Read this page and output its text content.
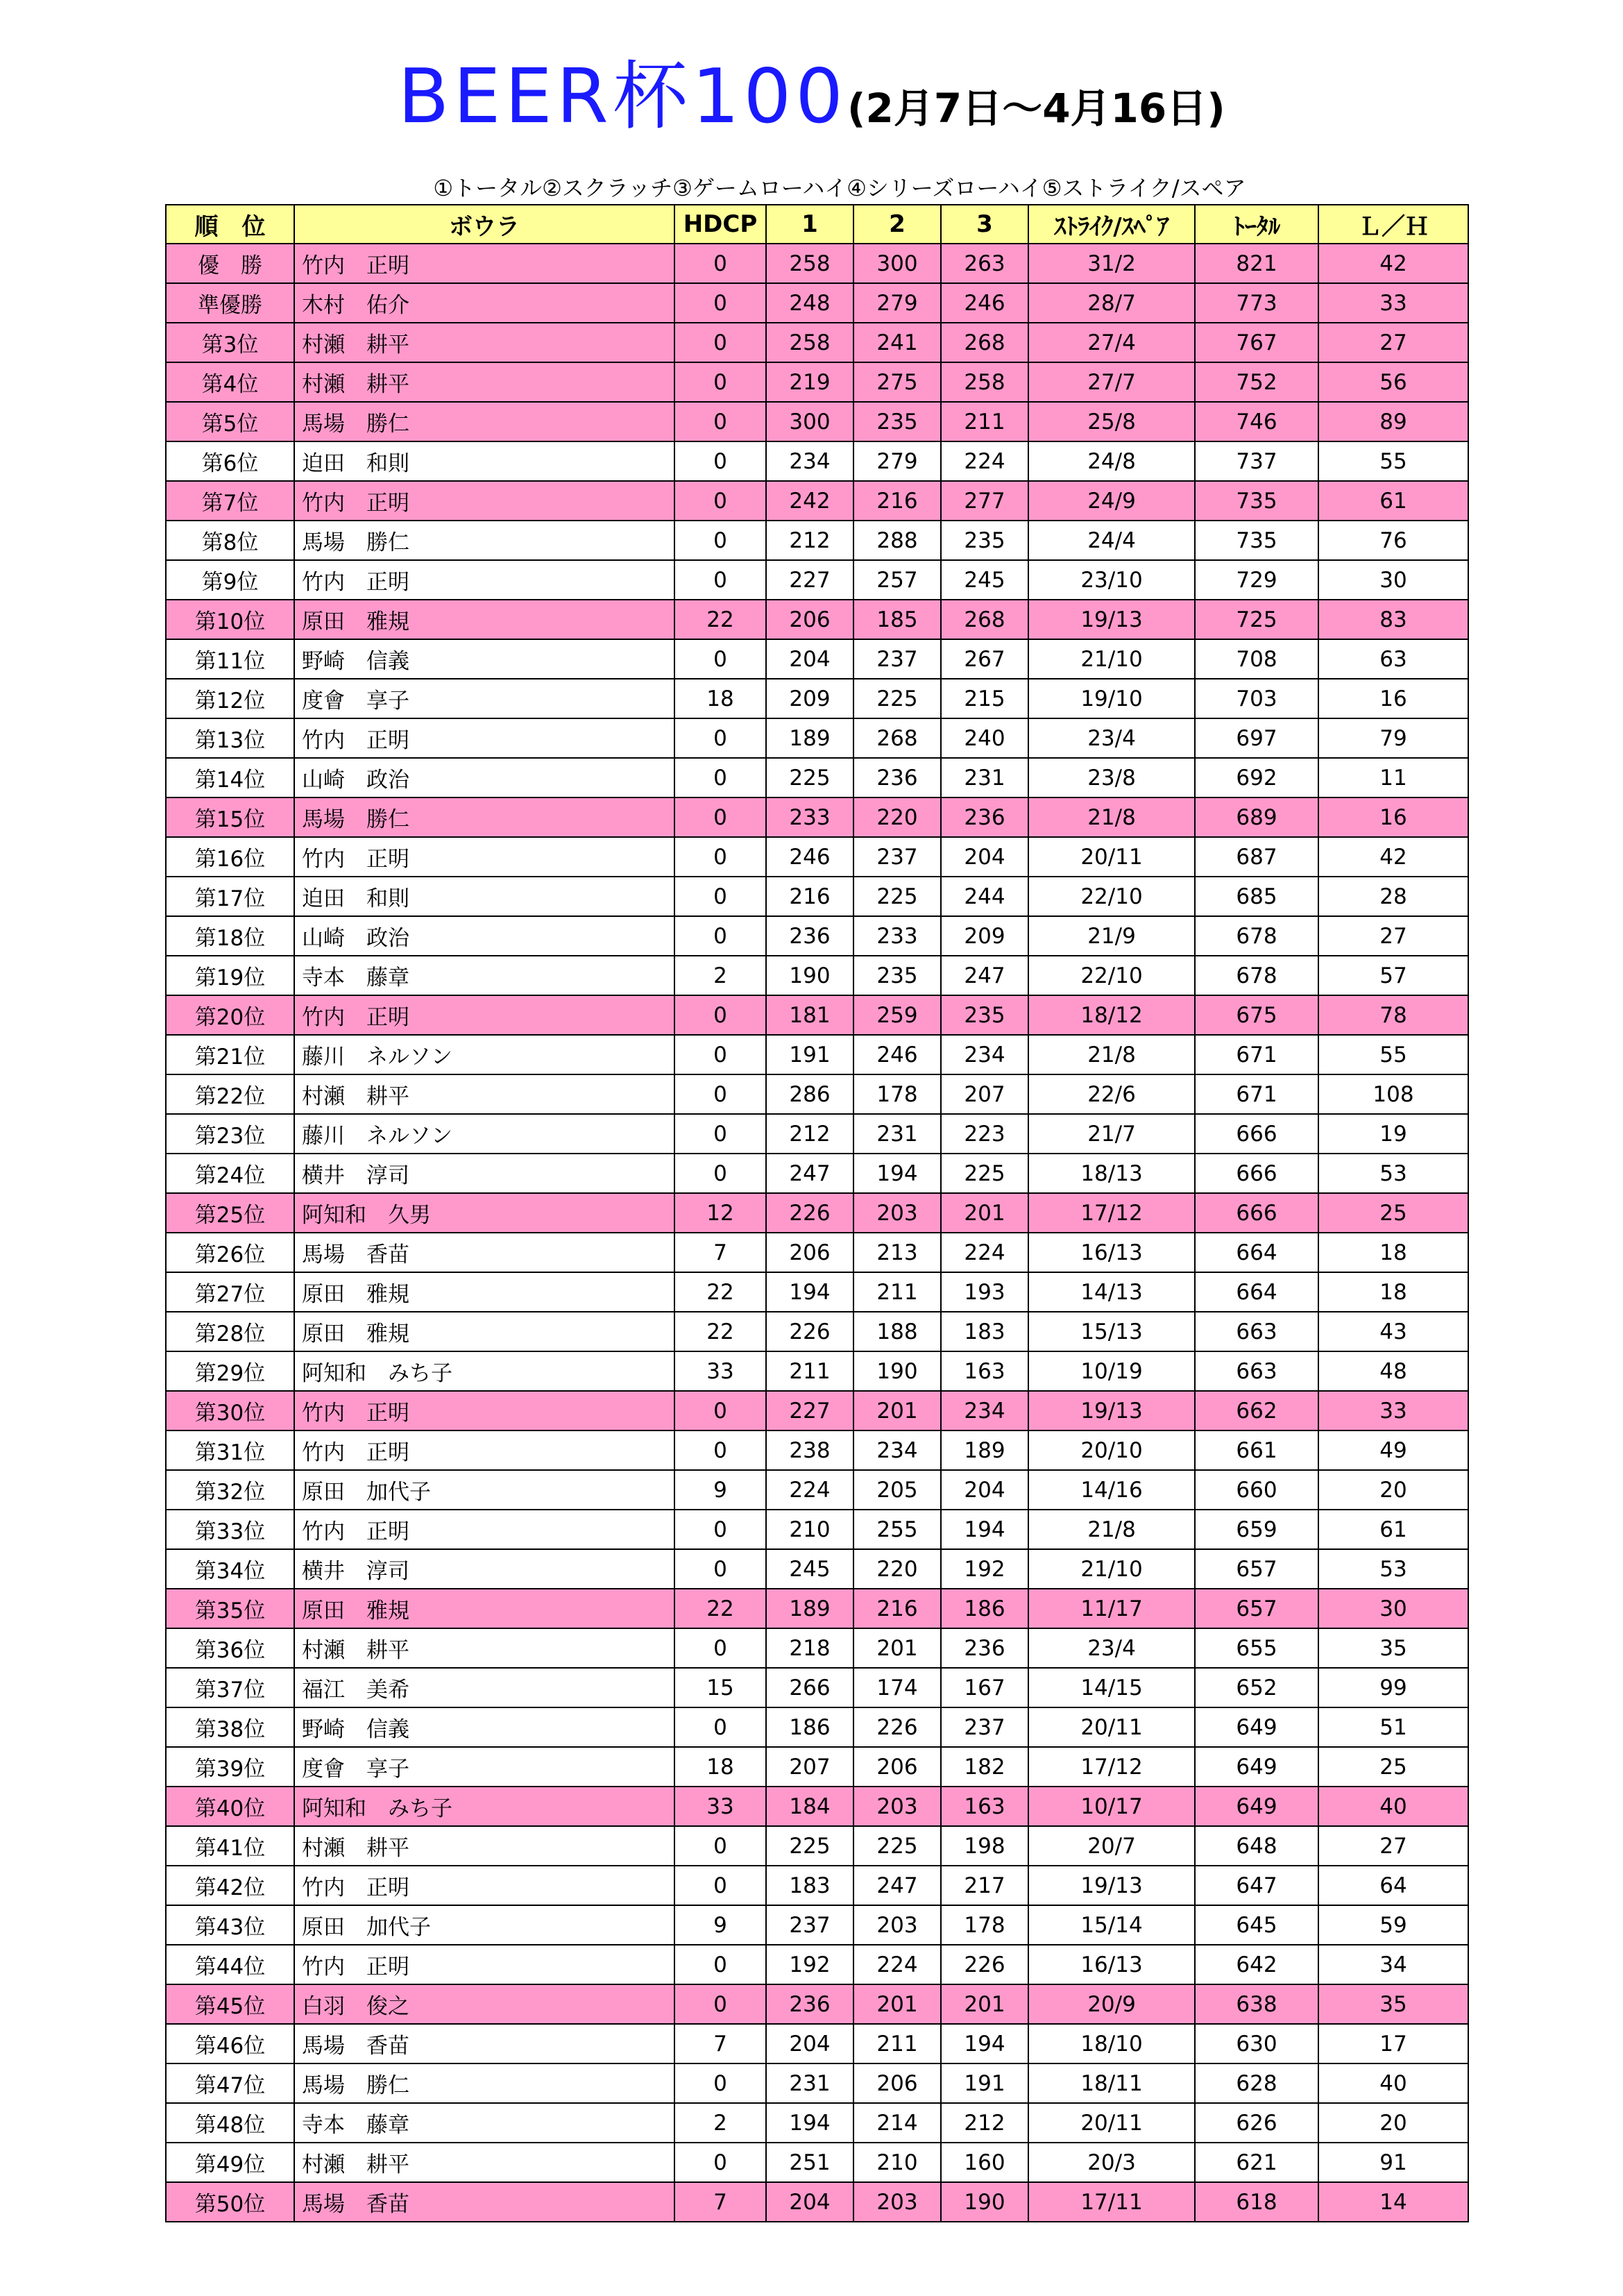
BEER杯100(2月7日～4月16日)
①トータル②スクラッチ③ゲームローハイ④シリーズローハイ⑤ストライク/スペア
順　位	ボウラ	HDCP	1	2	3	ｽﾄﾗｲｸ/ｽﾍﾟｱ	ﾄｰﾀﾙ	Ｌ／Ｈ
優　勝	竹内　正明	0	258	300	263	31/2	821	42
準優勝	木村　佑介	0	248	279	246	28/7	773	33
第3位	村瀬　耕平	0	258	241	268	27/4	767	27
第4位	村瀬　耕平	0	219	275	258	27/7	752	56
第5位	馬場　勝仁	0	300	235	211	25/8	746	89
第6位	迫田　和則	0	234	279	224	24/8	737	55
第7位	竹内　正明	0	242	216	277	24/9	735	61
第8位	馬場　勝仁	0	212	288	235	24/4	735	76
第9位	竹内　正明	0	227	257	245	23/10	729	30
第10位	原田　雅規	22	206	185	268	19/13	725	83
第11位	野崎　信義	0	204	237	267	21/10	708	63
第12位	度會　享子	18	209	225	215	19/10	703	16
第13位	竹内　正明	0	189	268	240	23/4	697	79
第14位	山崎　政治	0	225	236	231	23/8	692	11
第15位	馬場　勝仁	0	233	220	236	21/8	689	16
第16位	竹内　正明	0	246	237	204	20/11	687	42
第17位	迫田　和則	0	216	225	244	22/10	685	28
第18位	山崎　政治	0	236	233	209	21/9	678	27
第19位	寺本　藤章	2	190	235	247	22/10	678	57
第20位	竹内　正明	0	181	259	235	18/12	675	78
第21位	藤川　ネルソン	0	191	246	234	21/8	671	55
第22位	村瀬　耕平	0	286	178	207	22/6	671	108
第23位	藤川　ネルソン	0	212	231	223	21/7	666	19
第24位	横井　淳司	0	247	194	225	18/13	666	53
第25位	阿知和　久男	12	226	203	201	17/12	666	25
第26位	馬場　香苗	7	206	213	224	16/13	664	18
第27位	原田　雅規	22	194	211	193	14/13	664	18
第28位	原田　雅規	22	226	188	183	15/13	663	43
第29位	阿知和　みち子	33	211	190	163	10/19	663	48
第30位	竹内　正明	0	227	201	234	19/13	662	33
第31位	竹内　正明	0	238	234	189	20/10	661	49
第32位	原田　加代子	9	224	205	204	14/16	660	20
第33位	竹内　正明	0	210	255	194	21/8	659	61
第34位	横井　淳司	0	245	220	192	21/10	657	53
第35位	原田　雅規	22	189	216	186	11/17	657	30
第36位	村瀬　耕平	0	218	201	236	23/4	655	35
第37位	福江　美希	15	266	174	167	14/15	652	99
第38位	野崎　信義	0	186	226	237	20/11	649	51
第39位	度會　享子	18	207	206	182	17/12	649	25
第40位	阿知和　みち子	33	184	203	163	10/17	649	40
第41位	村瀬　耕平	0	225	225	198	20/7	648	27
第42位	竹内　正明	0	183	247	217	19/13	647	64
第43位	原田　加代子	9	237	203	178	15/14	645	59
第44位	竹内　正明	0	192	224	226	16/13	642	34
第45位	白羽　俊之	0	236	201	201	20/9	638	35
第46位	馬場　香苗	7	204	211	194	18/10	630	17
第47位	馬場　勝仁	0	231	206	191	18/11	628	40
第48位	寺本　藤章	2	194	214	212	20/11	626	20
第49位	村瀬　耕平	0	251	210	160	20/3	621	91
第50位	馬場　香苗	7	204	203	190	17/11	618	14
